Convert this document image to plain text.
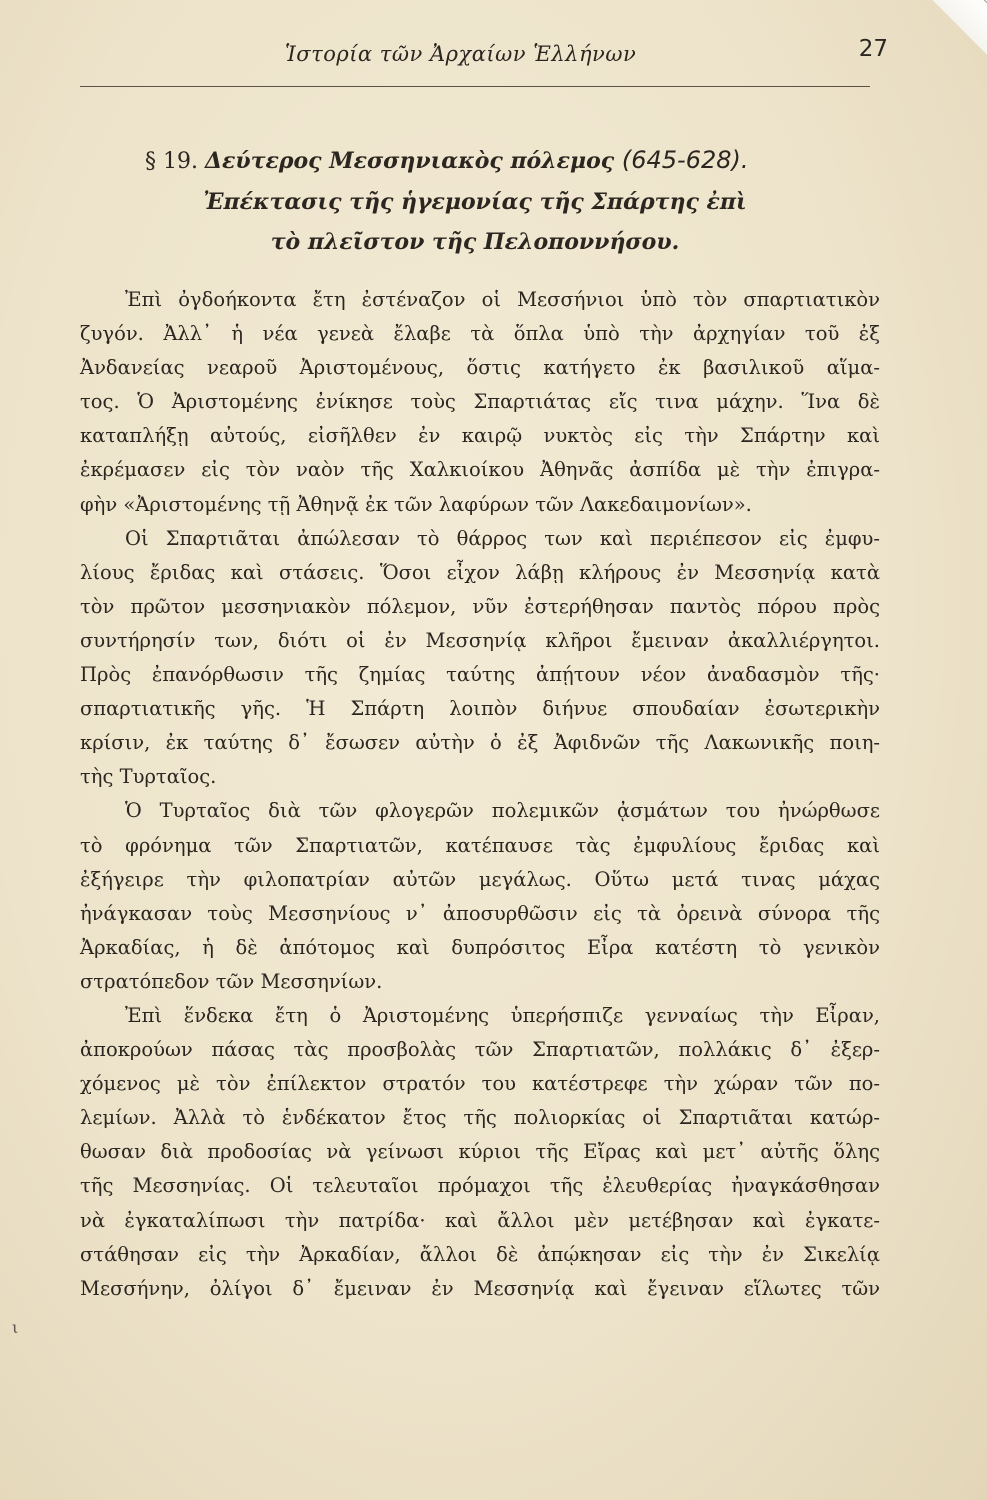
Ἱστορία τῶν Ἀρχαίων Ἑλλήνων	27
§ 19. Δεύτερος Μεσσηνιακὸς πόλεμος (645-628).
Ἐπέκτασις τῆς ἡγεμονίας τῆς Σπάρτης ἐπὶ
τὸ πλεῖστον τῆς Πελοποννήσου.
Ἐπὶ ὀγδοήκοντα ἔτη ἐστέναζον οἱ Μεσσήνιοι ὑπὸ τὸν σπαρτιατικὸν
ζυγόν. Ἀλλ᾽ ἡ νέα γενεὰ ἔλαβε τὰ ὅπλα ὑπὸ τὴν ἀρχηγίαν τοῦ ἐξ
Ἀνδανείας νεαροῦ Ἀριστομένους, ὅστις κατήγετο ἐκ βασιλικοῦ αἵμα-
τος. Ὁ Ἀριστομένης ἐνίκησε τοὺς Σπαρτιάτας εἴς τινα μάχην. Ἵνα δὲ
καταπλήξῃ αὐτούς, εἰσῆλθεν ἐν καιρῷ νυκτὸς εἰς τὴν Σπάρτην καὶ
ἐκρέμασεν εἰς τὸν ναὸν τῆς Χαλκιοίκου Ἀθηνᾶς ἀσπίδα μὲ τὴν ἐπιγρα-
φὴν «Ἀριστομένης τῇ Ἀθηνᾷ ἐκ τῶν λαφύρων τῶν Λακεδαιμονίων».
Οἱ Σπαρτιᾶται ἀπώλεσαν τὸ θάρρος των καὶ περιέπεσον εἰς ἐμφυ-
λίους ἔριδας καὶ στάσεις. Ὅσοι εἶχον λάβῃ κλήρους ἐν Μεσσηνίᾳ κατὰ
τὸν πρῶτον μεσσηνιακὸν πόλεμον, νῦν ἐστερήθησαν παντὸς πόρου πρὸς
συντήρησίν των, διότι οἱ ἐν Μεσσηνίᾳ κλῆροι ἔμειναν ἀκαλλιέργητοι.
Πρὸς ἐπανόρθωσιν τῆς ζημίας ταύτης ἀπῄτουν νέον ἀναδασμὸν τῆς·
σπαρτιατικῆς γῆς. Ἡ Σπάρτη λοιπὸν διήνυε σπουδαίαν ἐσωτερικὴν
κρίσιν, ἐκ ταύτης δ᾽ ἔσωσεν αὐτὴν ὁ ἐξ Ἀφιδνῶν τῆς Λακωνικῆς ποιη-
τὴς Τυρταῖος.
Ὁ Τυρταῖος διὰ τῶν φλογερῶν πολεμικῶν ᾀσμάτων του ἠνώρθωσε
τὸ φρόνημα τῶν Σπαρτιατῶν, κατέπαυσε τὰς ἐμφυλίους ἔριδας καὶ
ἐξήγειρε τὴν φιλοπατρίαν αὐτῶν μεγάλως. Οὕτω μετά τινας μάχας
ἠνάγκασαν τοὺς Μεσσηνίους ν᾽ ἀποσυρθῶσιν εἰς τὰ ὀρεινὰ σύνορα τῆς
Ἀρκαδίας, ἡ δὲ ἀπότομος καὶ δυπρόσιτος Εἶρα κατέστη τὸ γενικὸν
στρατόπεδον τῶν Μεσσηνίων.
Ἐπὶ ἕνδεκα ἔτη ὁ Ἀριστομένης ὑπερήσπιζε γενναίως τὴν Εἶραν,
ἀποκρούων πάσας τὰς προσβολὰς τῶν Σπαρτιατῶν, πολλάκις δ᾽ ἐξερ-
χόμενος μὲ τὸν ἐπίλεκτον στρατόν του κατέστρεφε τὴν χώραν τῶν πο-
λεμίων. Ἀλλὰ τὸ ἑνδέκατον ἔτος τῆς πολιορκίας οἱ Σπαρτιᾶται κατώρ-
θωσαν διὰ προδοσίας νὰ γείνωσι κύριοι τῆς Εἴρας καὶ μετ᾽ αὐτῆς ὅλης
τῆς Μεσσηνίας. Οἱ τελευταῖοι πρόμαχοι τῆς ἐλευθερίας ἠναγκάσθησαν
νὰ ἐγκαταλίπωσι τὴν πατρίδα· καὶ ἄλλοι μὲν μετέβησαν καὶ ἐγκατε-
στάθησαν εἰς τὴν Ἀρκαδίαν, ἄλλοι δὲ ἀπῴκησαν εἰς τὴν ἐν Σικελίᾳ
Μεσσήνην, ὀλίγοι δ᾽ ἔμειναν ἐν Μεσσηνίᾳ καὶ ἔγειναν εἵλωτες τῶν
ι
